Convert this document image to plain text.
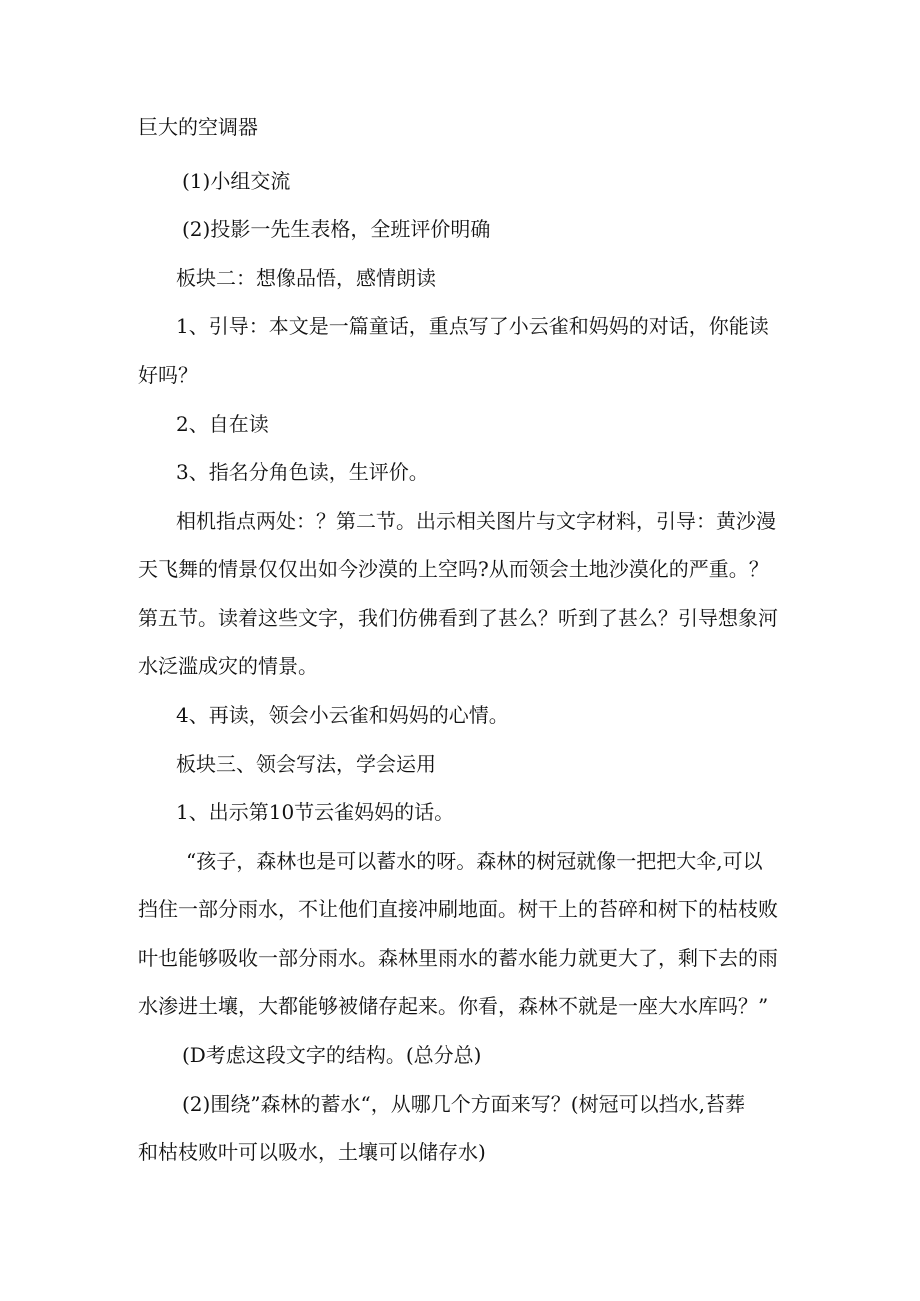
巨大的空调器
(1)小组交流
(2)投影一先生表格，全班评价明确
板块二：想像品悟，感情朗读
1、引导：本文是一篇童话，重点写了小云雀和妈妈的对话，你能读
好吗？
2、自在读
3、指名分角色读，生评价。
相机指点两处：？第二节。出示相关图片与文字材料，引导：黄沙漫
天飞舞的情景仅仅出如今沙漠的上空吗?从而领会土地沙漠化的严重。？
第五节。读着这些文字，我们仿佛看到了甚么？听到了甚么？引导想象河
水泛滥成灾的情景。
4、再读，领会小云雀和妈妈的心情。
板块三、领会写法，学会运用
1、出示第10节云雀妈妈的话。
“孩子，森林也是可以蓄水的呀。森林的树冠就像一把把大伞,可以
挡住一部分雨水，不让他们直接冲刷地面。树干上的苔碎和树下的枯枝败
叶也能够吸收一部分雨水。森林里雨水的蓄水能力就更大了，剩下去的雨
水渗进土壤，大都能够被储存起来。你看，森林不就是一座大水库吗？”
(D考虑这段文字的结构。(总分总)
(2)围绕”森林的蓄水“，从哪几个方面来写？(树冠可以挡水,苔葬
和枯枝败叶可以吸水，土壤可以储存水)
